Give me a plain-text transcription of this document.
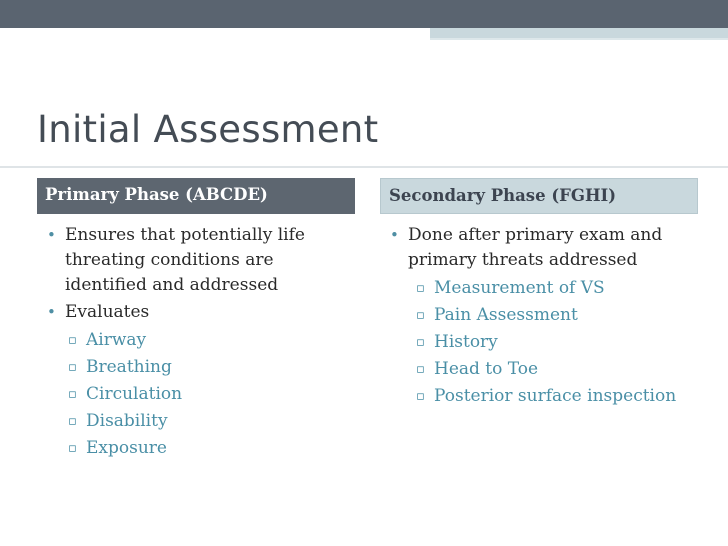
Initial Assessment
Primary Phase (ABCDE)
• Ensures that potentially life threating conditions are identified and addressed
• Evaluates
▫ Airway
▫ Breathing
▫ Circulation
▫ Disability
▫ Exposure
Secondary Phase (FGHI)
• Done after primary exam and primary threats addressed
▫ Measurement of VS
▫ Pain Assessment
▫ History
▫ Head to Toe
▫ Posterior surface inspection
